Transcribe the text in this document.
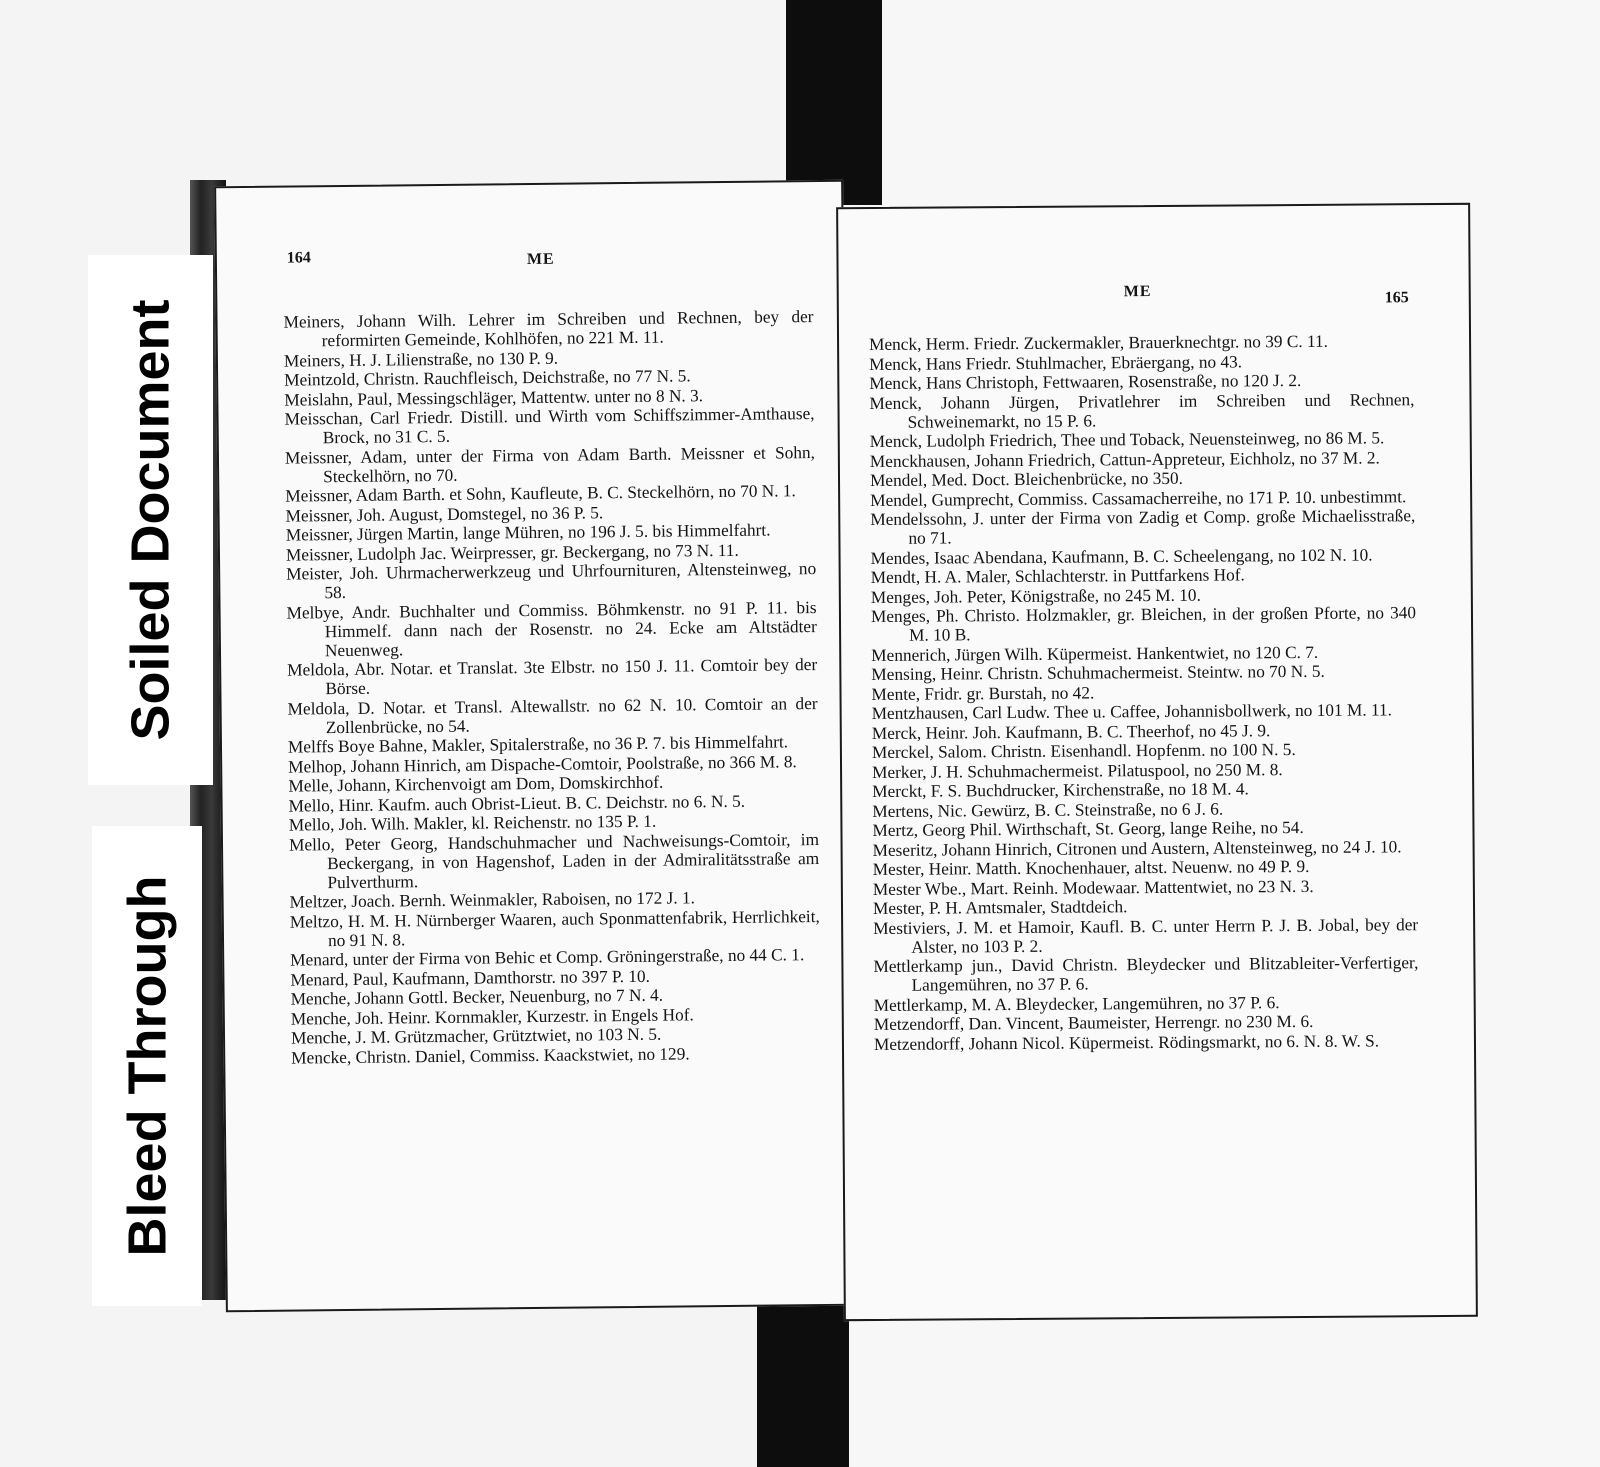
164	ME
Meiners, Johann Wilh. Lehrer im Schreiben und Rechnen, bey der reformirten Gemeinde, Kohlhöfen, no 221 M. 11.
Meiners, H. J. Lilienstraße, no 130 P. 9.
Meintzold, Christn. Rauchfleisch, Deichstraße, no 77 N. 5.
Meislahn, Paul, Messingschläger, Mattentw. unter no 8 N. 3.
Meisschan, Carl Friedr. Distill. und Wirth vom Schiffszimmer-Amthause, Brock, no 31 C. 5.
Meissner, Adam, unter der Firma von Adam Barth. Meissner et Sohn, Steckelhörn, no 70.
Meissner, Adam Barth. et Sohn, Kaufleute, B. C. Steckelhörn, no 70 N. 1.
Meissner, Joh. August, Domstegel, no 36 P. 5.
Meissner, Jürgen Martin, lange Mühren, no 196 J. 5. bis Himmelfahrt.
Meissner, Ludolph Jac. Weirpresser, gr. Beckergang, no 73 N. 11.
Meister, Joh. Uhrmacherwerkzeug und Uhrfournituren, Altensteinweg, no 58.
Melbye, Andr. Buchhalter und Commiss. Böhmkenstr. no 91 P. 11. bis Himmelf. dann nach der Rosenstr. no 24. Ecke am Altstädter Neuenweg.
Meldola, Abr. Notar. et Translat. 3te Elbstr. no 150 J. 11. Comtoir bey der Börse.
Meldola, D. Notar. et Transl. Altewallstr. no 62 N. 10. Comtoir an der Zollenbrücke, no 54.
Melffs Boye Bahne, Makler, Spitalerstraße, no 36 P. 7. bis Himmelfahrt.
Melhop, Johann Hinrich, am Dispache-Comtoir, Poolstraße, no 366 M. 8.
Melle, Johann, Kirchenvoigt am Dom, Domskirchhof.
Mello, Hinr. Kaufm. auch Obrist-Lieut. B. C. Deichstr. no 6. N. 5.
Mello, Joh. Wilh. Makler, kl. Reichenstr. no 135 P. 1.
Mello, Peter Georg, Handschuhmacher und Nachweisungs-Comtoir, im Beckergang, in von Hagenshof, Laden in der Admiralitätsstraße am Pulverthurm.
Meltzer, Joach. Bernh. Weinmakler, Raboisen, no 172 J. 1.
Meltzo, H. M. H. Nürnberger Waaren, auch Sponmattenfabrik, Herrlichkeit, no 91 N. 8.
Menard, unter der Firma von Behic et Comp. Gröningerstraße, no 44 C. 1.
Menard, Paul, Kaufmann, Damthorstr. no 397 P. 10.
Menche, Johann Gottl. Becker, Neuenburg, no 7 N. 4.
Menche, Joh. Heinr. Kornmakler, Kurzestr. in Engels Hof.
Menche, J. M. Grützmacher, Grütztwiet, no 103 N. 5.
Mencke, Christn. Daniel, Commiss. Kaackstwiet, no 129.
ME	165
Menck, Herm. Friedr. Zuckermakler, Brauerknechtgr. no 39 C. 11.
Menck, Hans Friedr. Stuhlmacher, Ebräergang, no 43.
Menck, Hans Christoph, Fettwaaren, Rosenstraße, no 120 J. 2.
Menck, Johann Jürgen, Privatlehrer im Schreiben und Rechnen, Schweinemarkt, no 15 P. 6.
Menck, Ludolph Friedrich, Thee und Toback, Neuensteinweg, no 86 M. 5.
Menckhausen, Johann Friedrich, Cattun-Appreteur, Eichholz, no 37 M. 2.
Mendel, Med. Doct. Bleichenbrücke, no 350.
Mendel, Gumprecht, Commiss. Cassamacherreihe, no 171 P. 10. unbestimmt.
Mendelssohn, J. unter der Firma von Zadig et Comp. große Michaelisstraße, no 71.
Mendes, Isaac Abendana, Kaufmann, B. C. Scheelengang, no 102 N. 10.
Mendt, H. A. Maler, Schlachterstr. in Puttfarkens Hof.
Menges, Joh. Peter, Königstraße, no 245 M. 10.
Menges, Ph. Christo. Holzmakler, gr. Bleichen, in der großen Pforte, no 340 M. 10 B.
Mennerich, Jürgen Wilh. Küpermeist. Hankentwiet, no 120 C. 7.
Mensing, Heinr. Christn. Schuhmachermeist. Steintw. no 70 N. 5.
Mente, Fridr. gr. Burstah, no 42.
Mentzhausen, Carl Ludw. Thee u. Caffee, Johannisbollwerk, no 101 M. 11.
Merck, Heinr. Joh. Kaufmann, B. C. Theerhof, no 45 J. 9.
Merckel, Salom. Christn. Eisenhandl. Hopfenm. no 100 N. 5.
Merker, J. H. Schuhmachermeist. Pilatuspool, no 250 M. 8.
Merckt, F. S. Buchdrucker, Kirchenstraße, no 18 M. 4.
Mertens, Nic. Gewürz, B. C. Steinstraße, no 6 J. 6.
Mertz, Georg Phil. Wirthschaft, St. Georg, lange Reihe, no 54.
Meseritz, Johann Hinrich, Citronen und Austern, Altensteinweg, no 24 J. 10.
Mester, Heinr. Matth. Knochenhauer, altst. Neuenw. no 49 P. 9.
Mester Wbe., Mart. Reinh. Modewaar. Mattentwiet, no 23 N. 3.
Mester, P. H. Amtsmaler, Stadtdeich.
Mestiviers, J. M. et Hamoir, Kaufl. B. C. unter Herrn P. J. B. Jobal, bey der Alster, no 103 P. 2.
Mettlerkamp jun., David Christn. Bleydecker und Blitzableiter-Verfertiger, Langemühren, no 37 P. 6.
Mettlerkamp, M. A. Bleydecker, Langemühren, no 37 P. 6.
Metzendorff, Dan. Vincent, Baumeister, Herrengr. no 230 M. 6.
Metzendorff, Johann Nicol. Küpermeist. Rödingsmarkt, no 6. N. 8. W. S.
Soiled Document
Bleed Through
